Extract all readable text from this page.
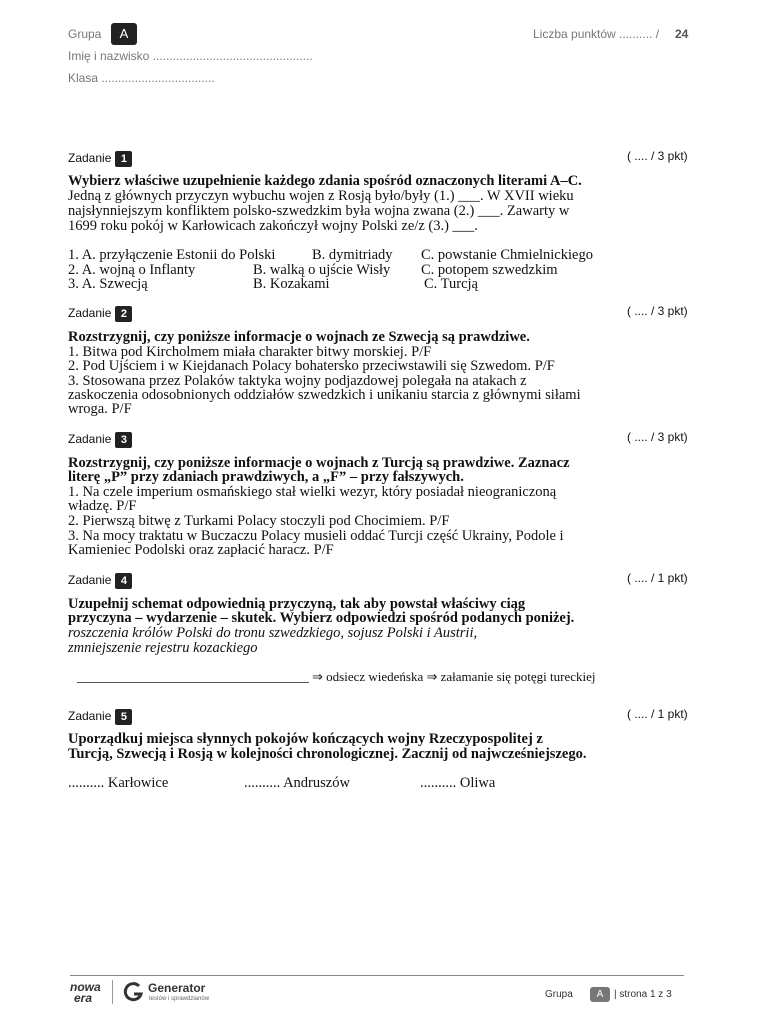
Grupa	A	Liczba punktów .......... / 24
Imię i nazwisko ................................................
Klasa ..................................
Zadanie 1	( .... / 3 pkt)
Wybierz właściwe uzupełnienie każdego zdania spośród oznaczonych literami A–C.
Jedną z głównych przyczyn wybuchu wojen z Rosją było/były (1.) ___. W XVII wieku
najsłynniejszym konfliktem polsko-szwedzkim była wojna zwana (2.) ___. Zawarty w
1699 roku pokój w Karłowicach zakończył wojny Polski ze/z (3.) ___.
1. A. przyłączenie Estonii do Polski	B. dymitriady C. powstanie Chmielnickiego
2. A. wojną o Inflanty	B. walką o ujście Wisły C. potopem szwedzkim
3. A. Szwecją	B. Kozakami	C. Turcją
Zadanie 2	( .... / 3 pkt)
Rozstrzygnij, czy poniższe informacje o wojnach ze Szwecją są prawdziwe.
1. Bitwa pod Kircholmem miała charakter bitwy morskiej. P/F
2. Pod Ujściem i w Kiejdanach Polacy bohatersko przeciwstawili się Szwedom. P/F
3. Stosowana przez Polaków taktyka wojny podjazdowej polegała na atakach z
zaskoczenia odosobnionych oddziałów szwedzkich i unikaniu starcia z głównymi siłami
wroga. P/F
Zadanie 3	( .... / 3 pkt)
Rozstrzygnij, czy poniższe informacje o wojnach z Turcją są prawdziwe. Zaznacz
literę „P” przy zdaniach prawdziwych, a „F” – przy fałszywych.
1. Na czele imperium osmańskiego stał wielki wezyr, który posiadał nieograniczoną
władzę. P/F
2. Pierwszą bitwę z Turkami Polacy stoczyli pod Chocimiem. P/F
3. Na mocy traktatu w Buczaczu Polacy musieli oddać Turcji część Ukrainy, Podole i
Kamieniec Podolski oraz zapłacić haracz. P/F
Zadanie 4	( .... / 1 pkt)
Uzupełnij schemat odpowiednią przyczyną, tak aby powstał właściwy ciąg
przyczyna – wydarzenie – skutek. Wybierz odpowiedzi spośród podanych poniżej.
roszczenia królów Polski do tronu szwedzkiego, sojusz Polski i Austrii,
zmniejszenie rejestru kozackiego
⇒ odsiecz wiedeńska ⇒ załamanie się potęgi tureckiej
Zadanie 5	( .... / 1 pkt)
Uporządkuj miejsca słynnych pokojów kończących wojny Rzeczypospolitej z
Turcją, Szwecją i Rosją w kolejności chronologicznej. Zacznij od najwcześniejszego.
.......... Karłowice	.......... Andruszów	.......... Oliwa
nowa
era
Generator
testów i sprawdzianów	Grupa	A	| strona 1 z 3
